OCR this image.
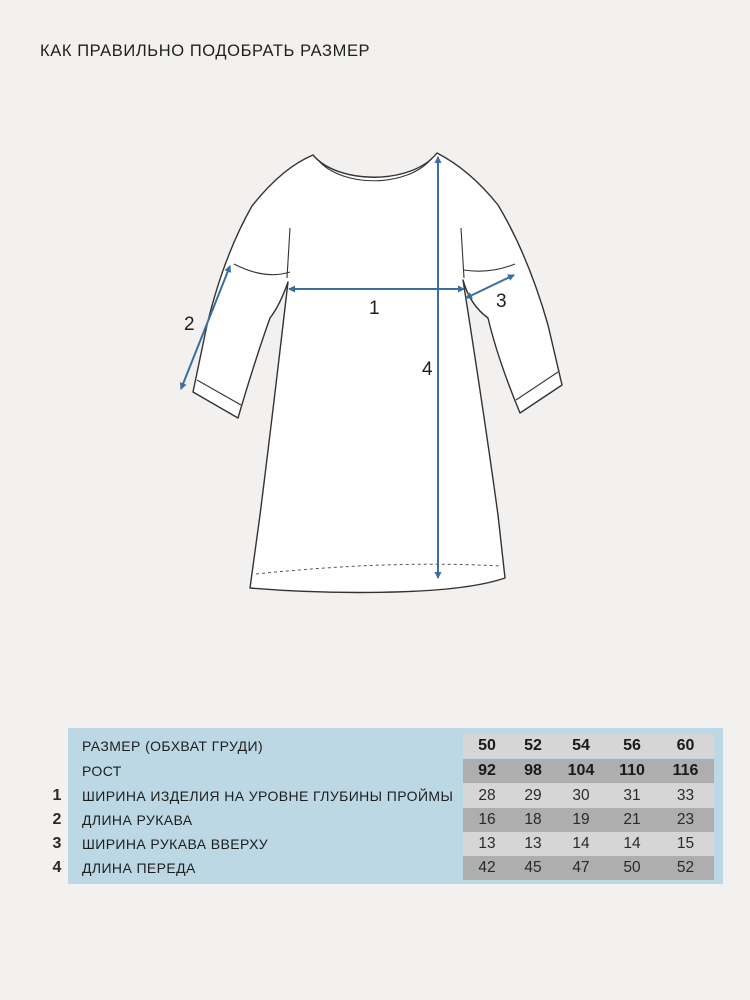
КАК ПРАВИЛЬНО ПОДОБРАТЬ РАЗМЕР
1
2
3
4
1
2
3
4
РАЗМЕР (ОБХВАТ ГРУДИ)	50	52	54	56	60
РОСТ	92	98	104	110	116
ШИРИНА ИЗДЕЛИЯ НА УРОВНЕ ГЛУБИНЫ ПРОЙМЫ	28	29	30	31	33
ДЛИНА РУКАВА	16	18	19	21	23
ШИРИНА РУКАВА ВВЕРХУ	13	13	14	14	15
ДЛИНА ПЕРЕДА	42	45	47	50	52
